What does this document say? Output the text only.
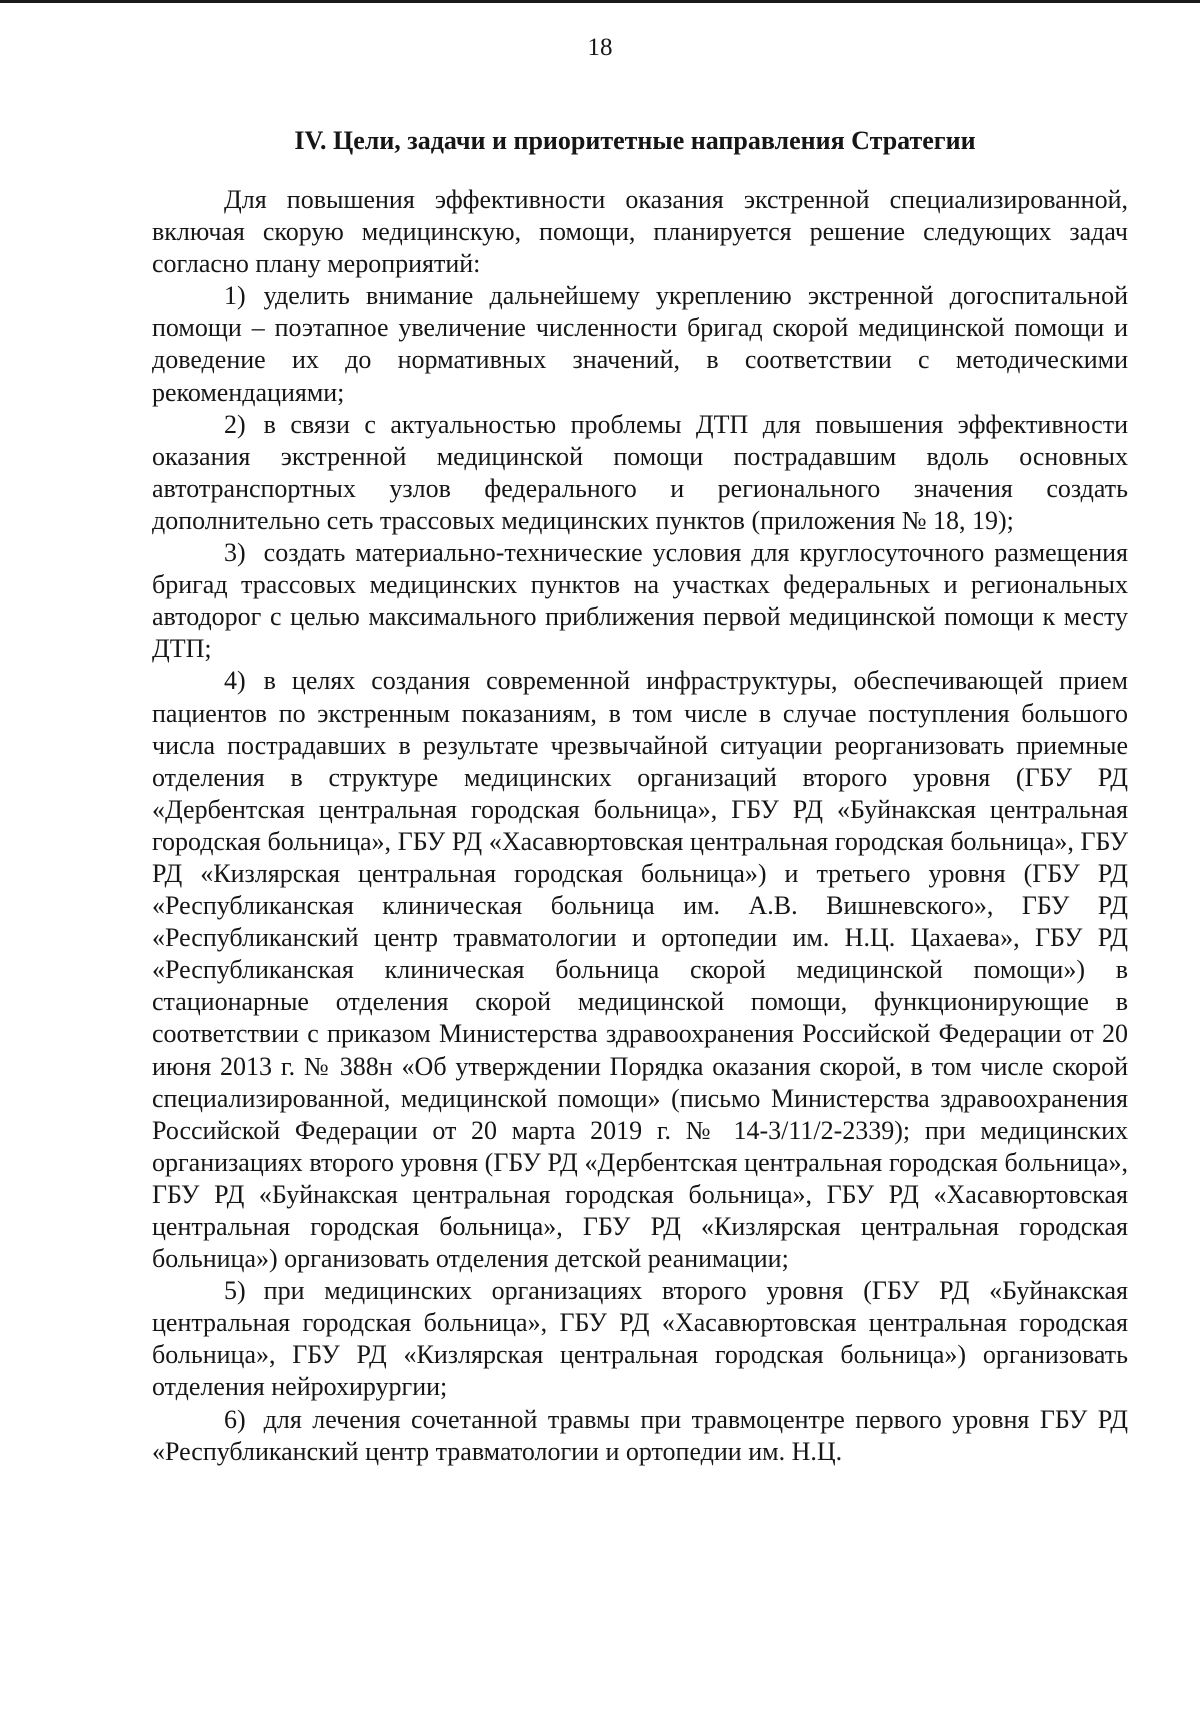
18
IV. Цели, задачи и приоритетные направления Стратегии

Для повышения эффективности оказания экстренной специализированной, включая скорую медицинскую, помощи, планируется решение следующих задач согласно плану мероприятий:

1) уделить внимание дальнейшему укреплению экстренной догоспитальной помощи – поэтапное увеличение численности бригад скорой медицинской помощи и доведение их до нормативных значений, в соответствии с методическими рекомендациями;

2) в связи с актуальностью проблемы ДТП для повышения эффективности оказания экстренной медицинской помощи пострадавшим вдоль основных автотранспортных узлов федерального и регионального значения создать дополнительно сеть трассовых медицинских пунктов (приложения № 18, 19);

3) создать материально-технические условия для круглосуточного размещения бригад трассовых медицинских пунктов на участках федеральных и региональных автодорог с целью максимального приближения первой медицинской помощи к месту ДТП;

4) в целях создания современной инфраструктуры, обеспечивающей прием пациентов по экстренным показаниям, в том числе в случае поступления большого числа пострадавших в результате чрезвычайной ситуации реорганизовать приемные отделения в структуре медицинских организаций второго уровня (ГБУ РД «Дербентская центральная городская больница», ГБУ РД «Буйнакская центральная городская больница», ГБУ РД «Хасавюртовская центральная городская больница», ГБУ РД «Кизлярская центральная городская больница») и третьего уровня (ГБУ РД «Республиканская клиническая больница им. А.В. Вишневского», ГБУ РД «Республиканский центр травматологии и ортопедии им. Н.Ц. Цахаева», ГБУ РД «Республиканская клиническая больница скорой медицинской помощи») в стационарные отделения скорой медицинской помощи, функционирующие в соответствии с приказом Министерства здравоохранения Российской Федерации от 20 июня 2013 г. № 388н «Об утверждении Порядка оказания скорой, в том числе скорой специализированной, медицинской помощи» (письмо Министерства здравоохранения Российской Федерации от 20 марта 2019 г. № 14-3/11/2-2339); при медицинских организациях второго уровня (ГБУ РД «Дербентская центральная городская больница», ГБУ РД «Буйнакская центральная городская больница», ГБУ РД «Хасавюртовская центральная городская больница», ГБУ РД «Кизлярская центральная городская больница») организовать отделения детской реанимации;

5) при медицинских организациях второго уровня (ГБУ РД «Буйнакская центральная городская больница», ГБУ РД «Хасавюртовская центральная городская больница», ГБУ РД «Кизлярская центральная городская больница») организовать отделения нейрохирургии;

6) для лечения сочетанной травмы при травмоцентре первого уровня ГБУ РД «Республиканский центр травматологии и ортопедии им. Н.Ц.
